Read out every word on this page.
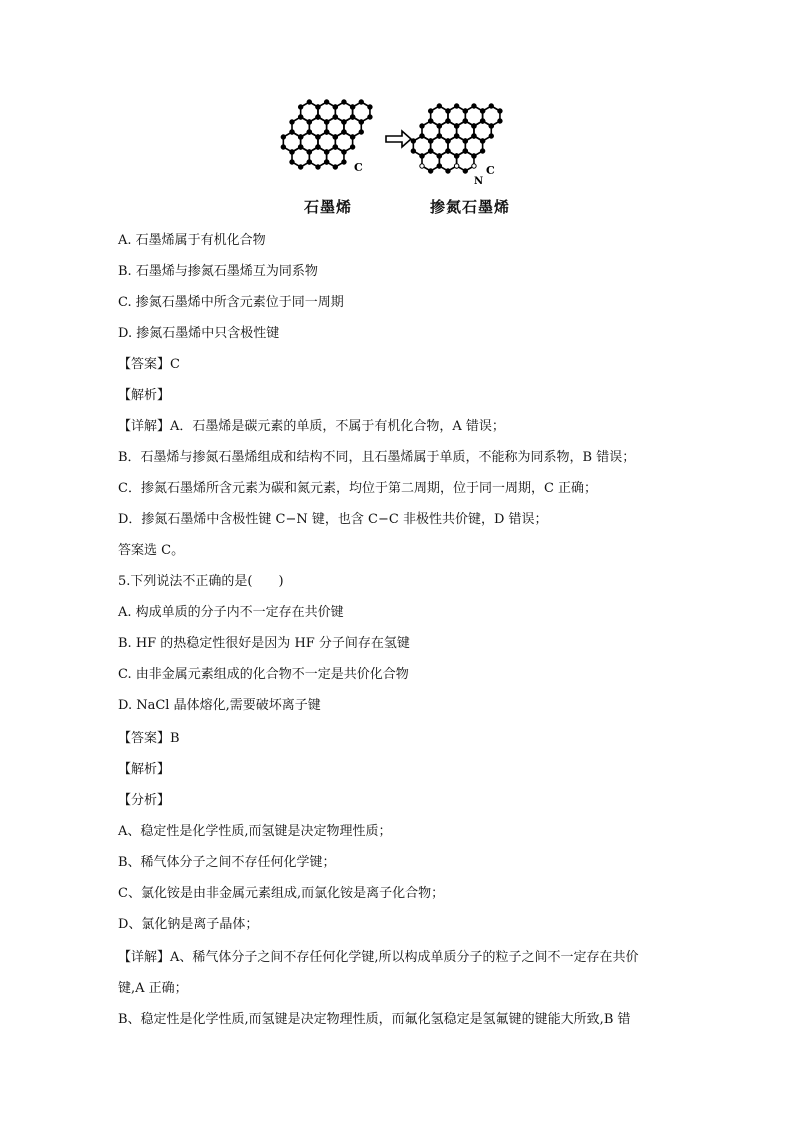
C	C
N
石墨烯	掺氮石墨烯
A. 石墨烯属于有机化合物
B. 石墨烯与掺氮石墨烯互为同系物
C. 掺氮石墨烯中所含元素位于同一周期
D. 掺氮石墨烯中只含极性键
【答案】C
【解析】
【详解】A．石墨烯是碳元素的单质，不属于有机化合物，A 错误；
B．石墨烯与掺氮石墨烯组成和结构不同，且石墨烯属于单质，不能称为同系物，B 错误；
C．掺氮石墨烯所含元素为碳和氮元素，均位于第二周期，位于同一周期，C 正确；
D．掺氮石墨烯中含极性键 C−N 键，也含 C−C 非极性共价键，D 错误；
答案选 C。
5.下列说法不正确的是(　　)
A. 构成单质的分子内不一定存在共价键
B. HF 的热稳定性很好是因为 HF 分子间存在氢键
C. 由非金属元素组成的化合物不一定是共价化合物
D. NaCl 晶体熔化,需要破坏离子键
【答案】B
【解析】
【分析】
A、稳定性是化学性质,而氢键是决定物理性质；
B、稀气体分子之间不存任何化学键；
C、氯化铵是由非金属元素组成,而氯化铵是离子化合物；
D、氯化钠是离子晶体；
【详解】A、稀气体分子之间不存任何化学键,所以构成单质分子的粒子之间不一定存在共价
键,A 正确；
B、稳定性是化学性质,而氢键是决定物理性质，而氟化氢稳定是氢氟键的键能大所致,B 错
